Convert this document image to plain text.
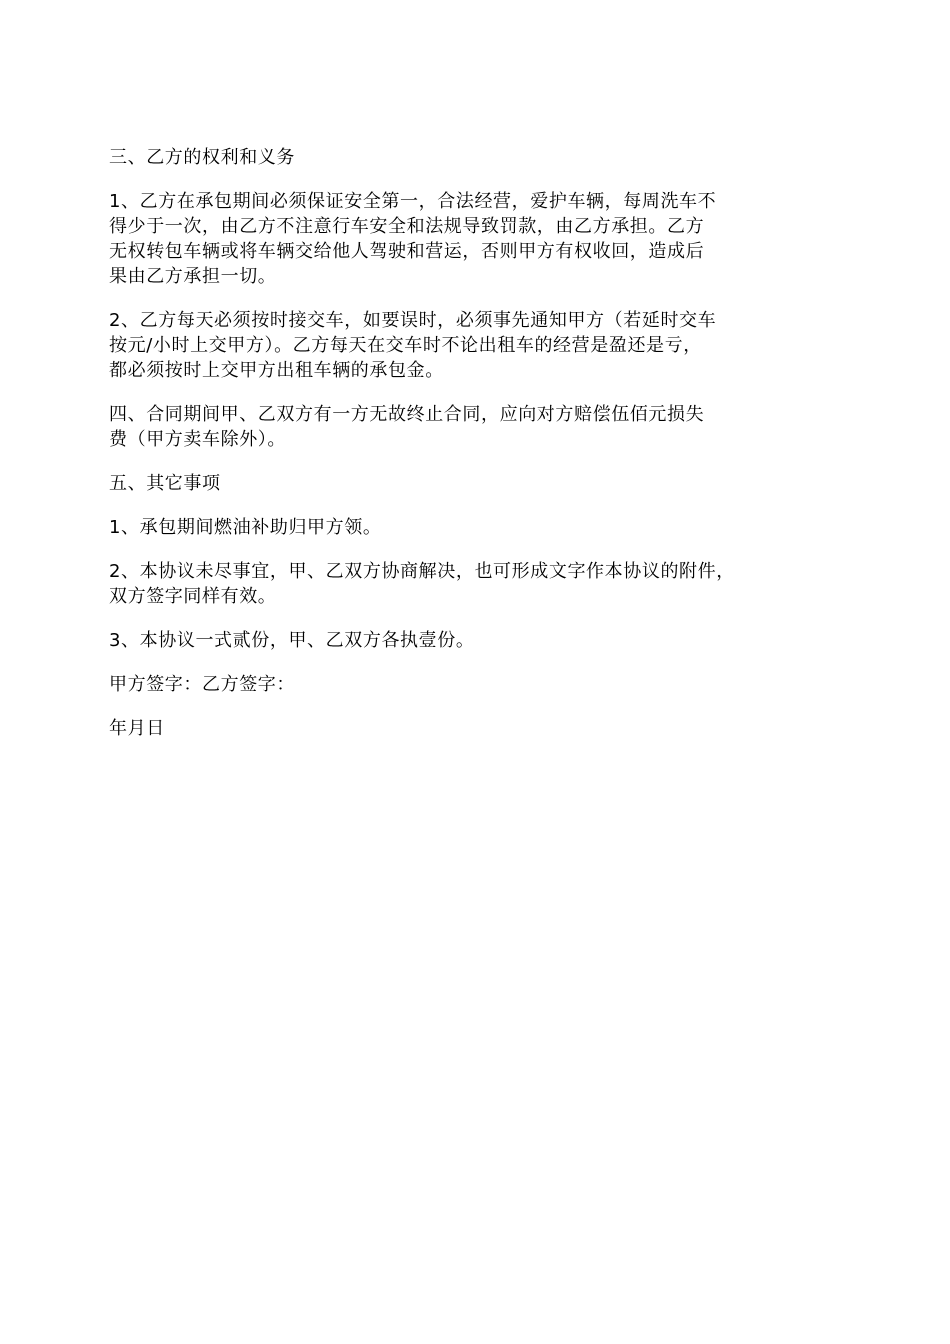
三、乙方的权利和义务

1、乙方在承包期间必须保证安全第一，合法经营，爱护车辆，每周洗车不
得少于一次，由乙方不注意行车安全和法规导致罚款，由乙方承担。乙方
无权转包车辆或将车辆交给他人驾驶和营运，否则甲方有权收回，造成后
果由乙方承担一切。

2、乙方每天必须按时接交车，如要误时，必须事先通知甲方（若延时交车
按元/小时上交甲方）。乙方每天在交车时不论出租车的经营是盈还是亏，
都必须按时上交甲方出租车辆的承包金。

四、合同期间甲、乙双方有一方无故终止合同，应向对方赔偿伍佰元损失
费（甲方卖车除外）。

五、其它事项

1、承包期间燃油补助归甲方领。

2、本协议未尽事宜，甲、乙双方协商解决，也可形成文字作本协议的附件，
双方签字同样有效。

3、本协议一式贰份，甲、乙双方各执壹份。

甲方签字：乙方签字：

年月日
